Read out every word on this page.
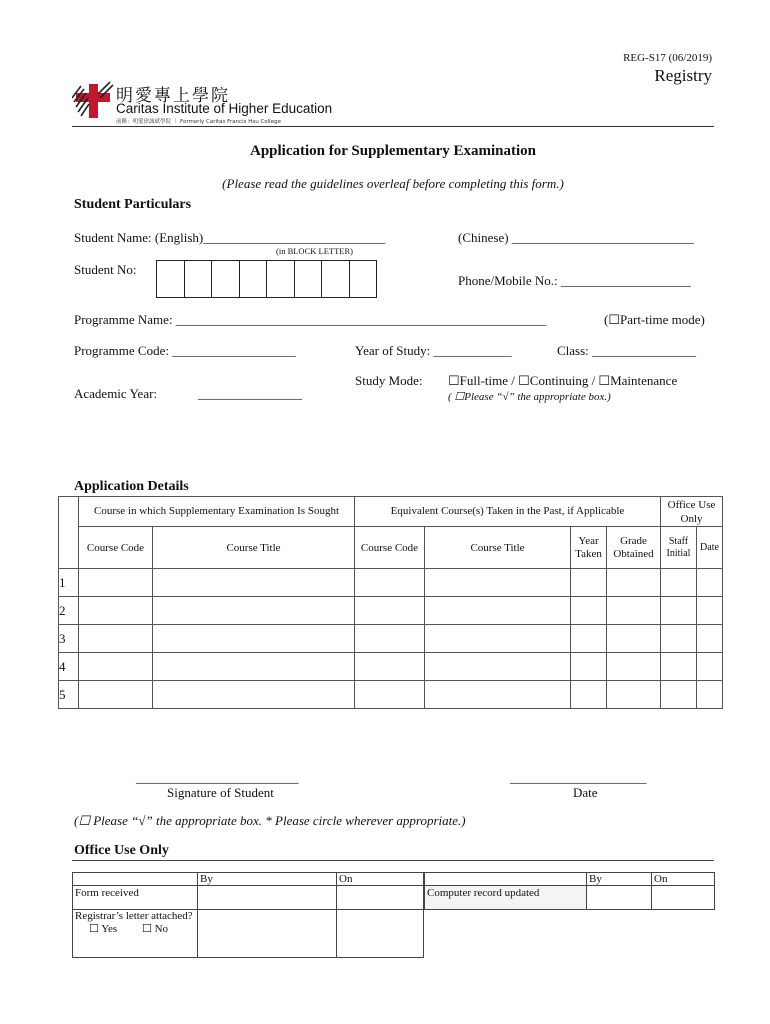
REG-S17 (06/2019)
Registry
明愛專上學院
Caritas Institute of Higher Education
前稱：明愛徐誠斌學院 ｜ Formerly Caritas Francis Hsu College
Application for Supplementary Examination
(Please read the guidelines overleaf before completing this form.)
Student Particulars
Student Name: (English)____________________________
(in BLOCK LETTER)
(Chinese) ____________________________
Student No:
Phone/Mobile No.: ____________________
Programme Name: _________________________________________________________	(☐Part-time mode)
Programme Code: ___________________	Year of Study: ____________	Class: ________________
Study Mode: ☐Full-time / ☐Continuing / ☐Maintenance
( ☐Please “√” the appropriate box.)
Academic Year:	________________
Application Details
	Course in which Supplementary Examination Is Sought		Equivalent Course(s) Taken in the Past, if Applicable				Office Use Only	
	Course Code	Course Title	Course Code	Course Title	Year Taken	Grade Obtained	Staff Initial	Date
1								
2								
3								
4								
5								
_________________________
Signature of Student
_____________________
Date
(☐ Please “√” the appropriate box. * Please circle wherever appropriate.)
Office Use Only
	By	On
Form received		

Registrar’s letter attached?
☐ Yes ☐ No		

	By	On
Computer record updated		
